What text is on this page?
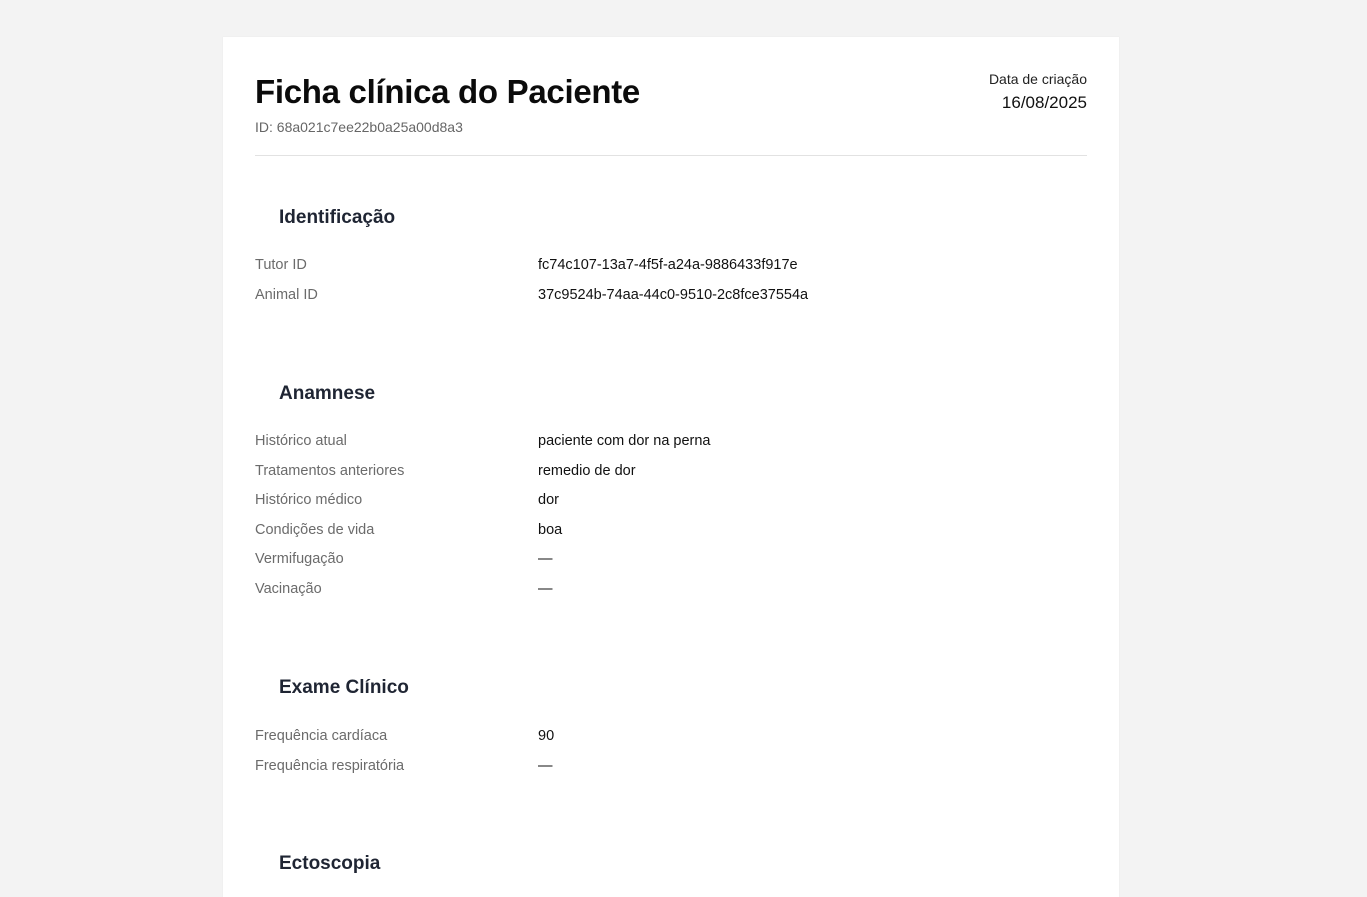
Ficha clínica do Paciente
ID: 68a021c7ee22b0a25a00d8a3
Data de criação
16/08/2025
Identificação
Tutor ID	fc74c107-13a7-4f5f-a24a-9886433f917e
Animal ID	37c9524b-74aa-44c0-9510-2c8fce37554a
Anamnese
Histórico atual	paciente com dor na perna
Tratamentos anteriores	remedio de dor
Histórico médico	dor
Condições de vida	boa
Vermifugação	—
Vacinação	—
Exame Clínico
Frequência cardíaca	90
Frequência respiratória	—
Ectoscopia
